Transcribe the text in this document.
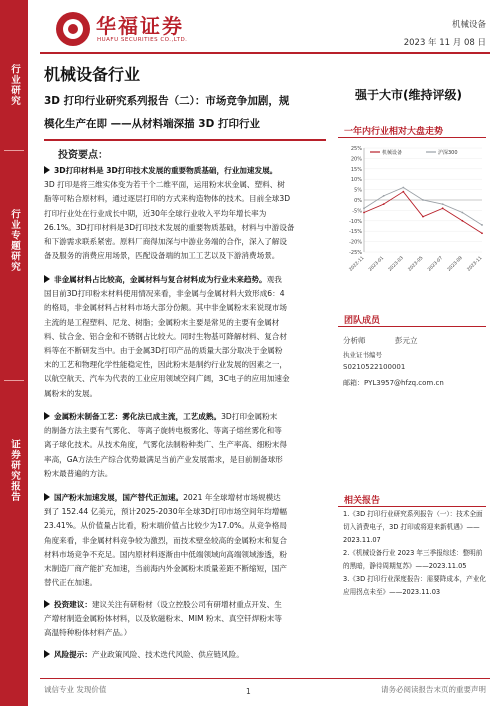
行业研究
行业专题研究
证券研究报告
华福证券
HUAFU SECURITIES CO.,LTD.
机械设备
2023 年 11 月 08 日
机械设备行业
强于大市(维持评级)
3D 打印行业研究系列报告（二）：市场竞争加剧，规
模化生产在即 ——从材料端深描 3D 打印行业
一年内行业相对大盘走势
25%
20%
15%
10%
5%
0%
-5%
-10%
-15%
-20%
-25%
2022-11 2023-01 2023-03 2023-05 2023-07 2023-09 2023-11
机械设备	沪深300
团队成员
分析师	彭元立
执业证书编号
S0210522100001
邮箱：PYL3957@hfzq.com.cn
相关报告
1.《3D 打印行业研究系列报告（一）：技术全面切入消费电子，3D 打印或将迎来新机遇》——2023.11.07
2.《机械设备行业 2023 年三季报综述：整明前的黑暗，静待周期复苏》——2023.11.05
3.《3D 打印行业深度报告：需要降成本，产业化应用拐点未至》——2023.11.03
投资要点：
3D打印材料是 3D打印技术发展的重要物质基础，行业加速发展。
3D 打印是将三维实体变为若干个二维平面，运用粉末状金属、塑料、树
脂等可粘合原材料，通过逐层打印的方式来构造物体的技术。目前全球3D
打印行业处在行业成长中期，近30年全球行业收入平均年增长率为
26.1%。3D打印材料是3D打印技术发展的重要物质基础，材料与中游设备
和下游需求联系紧密。原料厂商得加深与中游业务端的合作，深入了解设
备及服务的消费应用场景，匹配设备端的加工工艺以及下游消费场景。
非金属材料占比较高，金属材料与复合材料成为行业未来趋势。观我
国目前3D打印粉末材料使用情况来看，非金属与金属材料大致形成6：4
的格局，非金属材料占材料市场大部分份额。其中非金属粉末来说现市场
主流的是工程塑料、尼龙、树脂；金属粉末主要是常见的主要有金属材
料、钛合金、铝合金和不锈钢占比较大。同时生物基可降解材料、复合材
料等在不断研发当中。由于金属3D打印产品的质量大部分取决于金属粉
末的工艺和物理化学性能稳定性，因此粉末是制约行业发展的因素之一，
以航空航天、汽车为代表的工业应用领域空间广阔，3C电子的应用加速金
属粉末的发展。
金属粉末制备工艺：雾化法已成主流，工艺成熟。3D打印金属粉末
的制备方法主要有气雾化、 等离子旋转电极雾化、等离子熔丝雾化和等
离子球化技术。从技术角度，气雾化法制粉种类广、生产率高、细粉末得
率高，GA方法生产综合优势最满足当前产业发展需求，是目前制备球形
粉末最普遍的方法。
国产粉末加速发展，国产替代正加速。2021 年全球增材市场规模达
到了 152.44 亿美元，预计2025-2030年全球3D打印市场空间年均增幅
23.41%。从价值量占比看，粉末端价值占比较少为17.0%。从竞争格局
角度来看，非金属材料竞争较为激烈，而技术壁垒较高的金属粉末和复合
材料市场竞争不充足。国内原材料逐渐由中低端领域向高端领域渗透，粉
末制造厂商产能扩充加速，当前海内外金属粉末质量差距不断缩短，国产
替代正在加速。
投资建议：建议关注有研粉材（设立控股公司有研增材重点开发、生
产增材制造金属粉体材料，以及软磁粉末、MIM 粉末、真空钎焊粉末等
高温特种粉体材料产品。）
风险提示：产业政策风险、技术迭代风险、供应链风险。
诚信专业 发现价值	1	请务必阅读报告末页的重要声明
